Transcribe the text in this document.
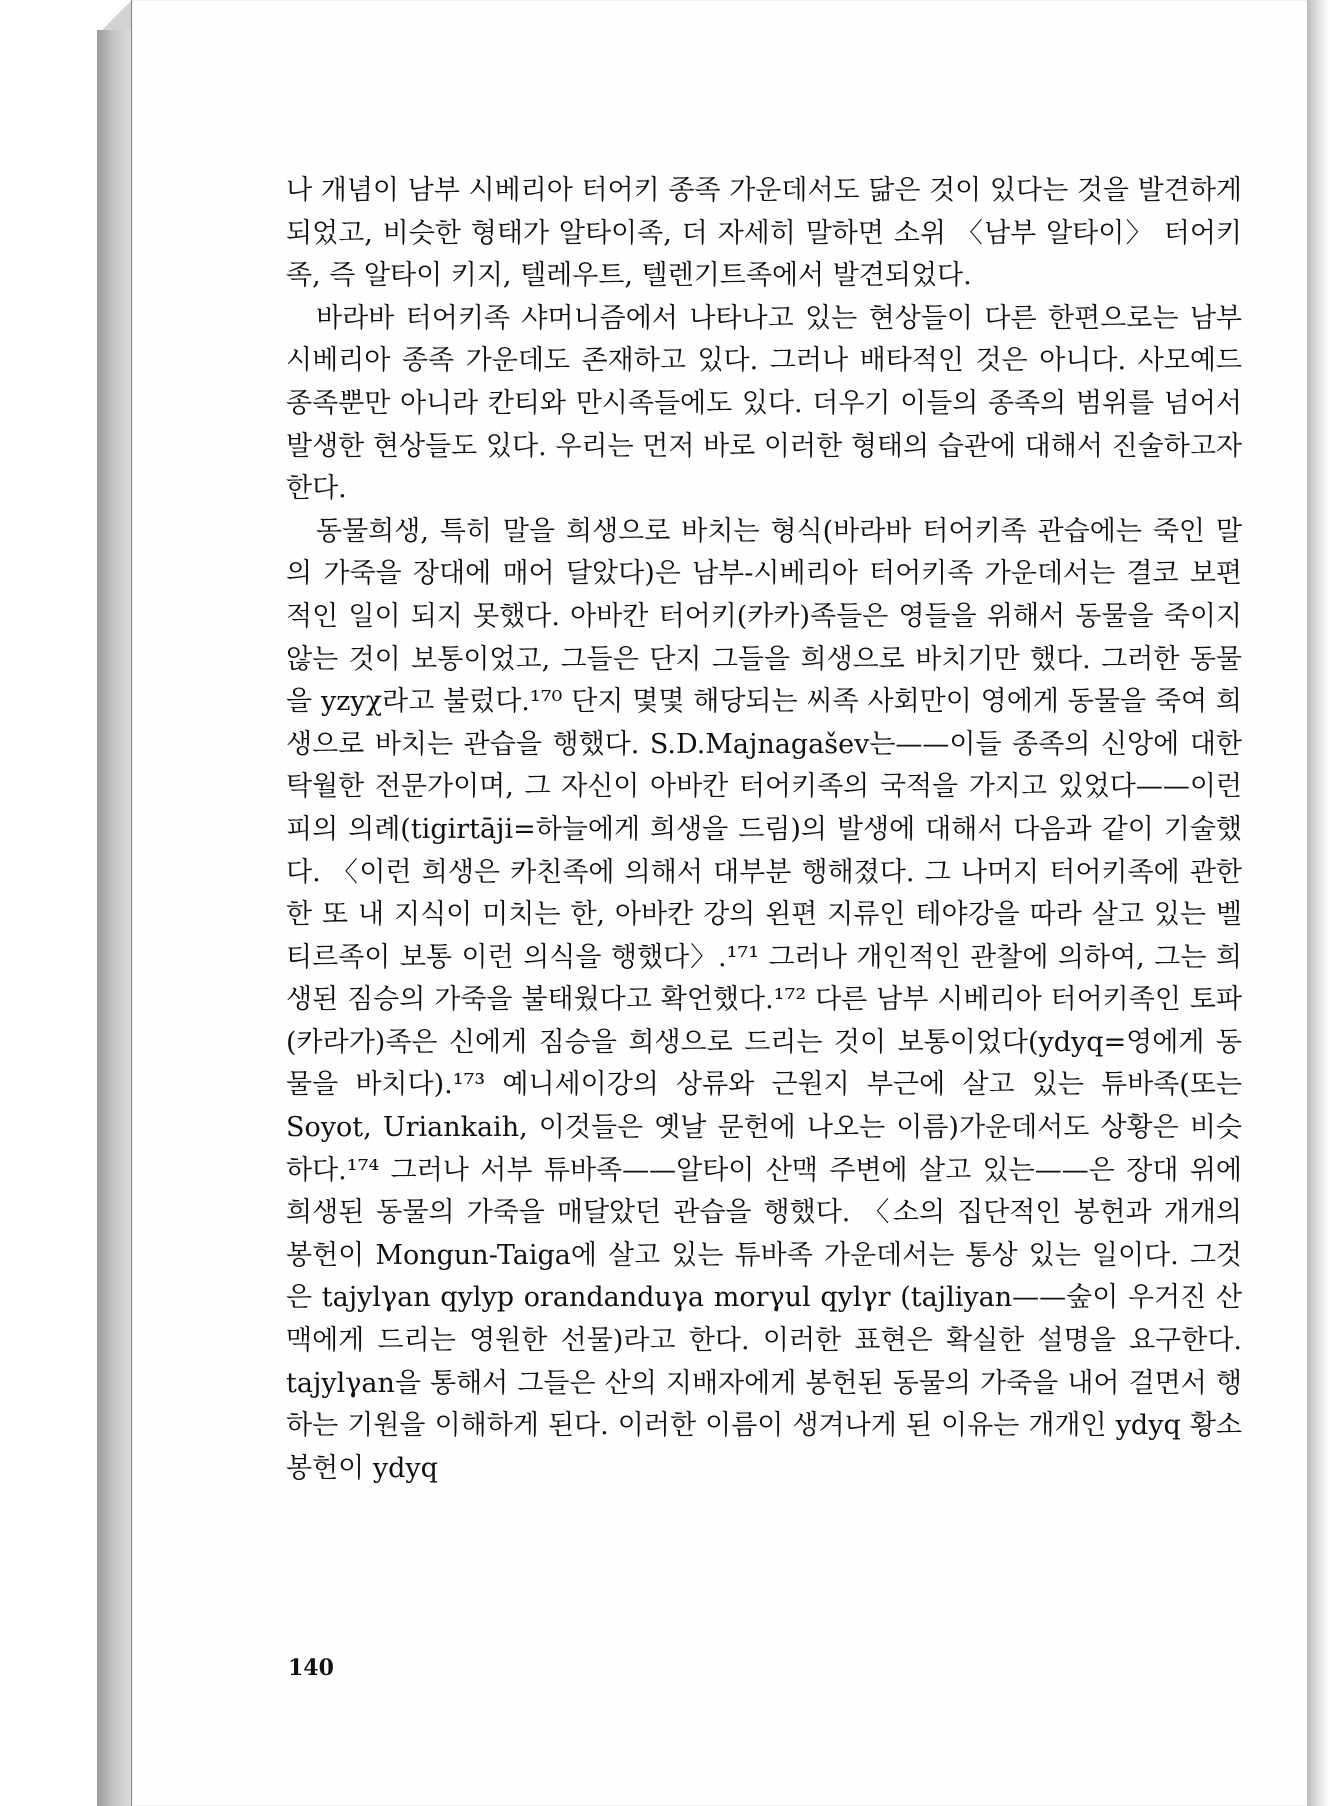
나 개념이 남부 시베리아 터어키 종족 가운데서도 닮은 것이 있다는 것을 발견하게 되었고, 비슷한 형태가 알타이족, 더 자세히 말하면 소위 〈남부 알타이〉 터어키족, 즉 알타이 키지, 텔레우트, 텔렌기트족에서 발견되었다.

바라바 터어키족 샤머니즘에서 나타나고 있는 현상들이 다른 한편으로는 남부 시베리아 종족 가운데도 존재하고 있다. 그러나 배타적인 것은 아니다. 사모예드 종족뿐만 아니라 칸티와 만시족들에도 있다. 더우기 이들의 종족의 범위를 넘어서 발생한 현상들도 있다. 우리는 먼저 바로 이러한 형태의 습관에 대해서 진술하고자 한다.

동물희생, 특히 말을 희생으로 바치는 형식(바라바 터어키족 관습에는 죽인 말의 가죽을 장대에 매어 달았다)은 남부-시베리아 터어키족 가운데서는 결코 보편적인 일이 되지 못했다. 아바칸 터어키(카카)족들은 영들을 위해서 동물을 죽이지 않는 것이 보통이었고, 그들은 단지 그들을 희생으로 바치기만 했다. 그러한 동물을 yzyχ라고 불렀다.¹⁷⁰ 단지 몇몇 해당되는 씨족 사회만이 영에게 동물을 죽여 희생으로 바치는 관습을 행했다. S.D.Majnagašev는——이들 종족의 신앙에 대한 탁월한 전문가이며, 그 자신이 아바칸 터어키족의 국적을 가지고 있었다——이런 피의 의례(tigirtāji=하늘에게 희생을 드림)의 발생에 대해서 다음과 같이 기술했다. 〈이런 희생은 카친족에 의해서 대부분 행해졌다. 그 나머지 터어키족에 관한 한 또 내 지식이 미치는 한, 아바칸 강의 왼편 지류인 테야강을 따라 살고 있는 벨티르족이 보통 이런 의식을 행했다〉.¹⁷¹ 그러나 개인적인 관찰에 의하여, 그는 희생된 짐승의 가죽을 불태웠다고 확언했다.¹⁷² 다른 남부 시베리아 터어키족인 토파(카라가)족은 신에게 짐승을 희생으로 드리는 것이 보통이었다(ydyq=영에게 동물을 바치다).¹⁷³ 예니세이강의 상류와 근원지 부근에 살고 있는 튜바족(또는 Soyot, Uriankaih, 이것들은 옛날 문헌에 나오는 이름)가운데서도 상황은 비슷하다.¹⁷⁴ 그러나 서부 튜바족——알타이 산맥 주변에 살고 있는——은 장대 위에 희생된 동물의 가죽을 매달았던 관습을 행했다. 〈소의 집단적인 봉헌과 개개의 봉헌이 Mongun-Taiga에 살고 있는 튜바족 가운데서는 통상 있는 일이다. 그것은 tajylγan qylyp orandanduγa morγul qylγr (tajliyan——숲이 우거진 산맥에게 드리는 영원한 선물)라고 한다. 이러한 표현은 확실한 설명을 요구한다. tajylγan을 통해서 그들은 산의 지배자에게 봉헌된 동물의 가죽을 내어 걸면서 행하는 기원을 이해하게 된다. 이러한 이름이 생겨나게 된 이유는 개개인 ydyq 황소 봉헌이 ydyq

140
